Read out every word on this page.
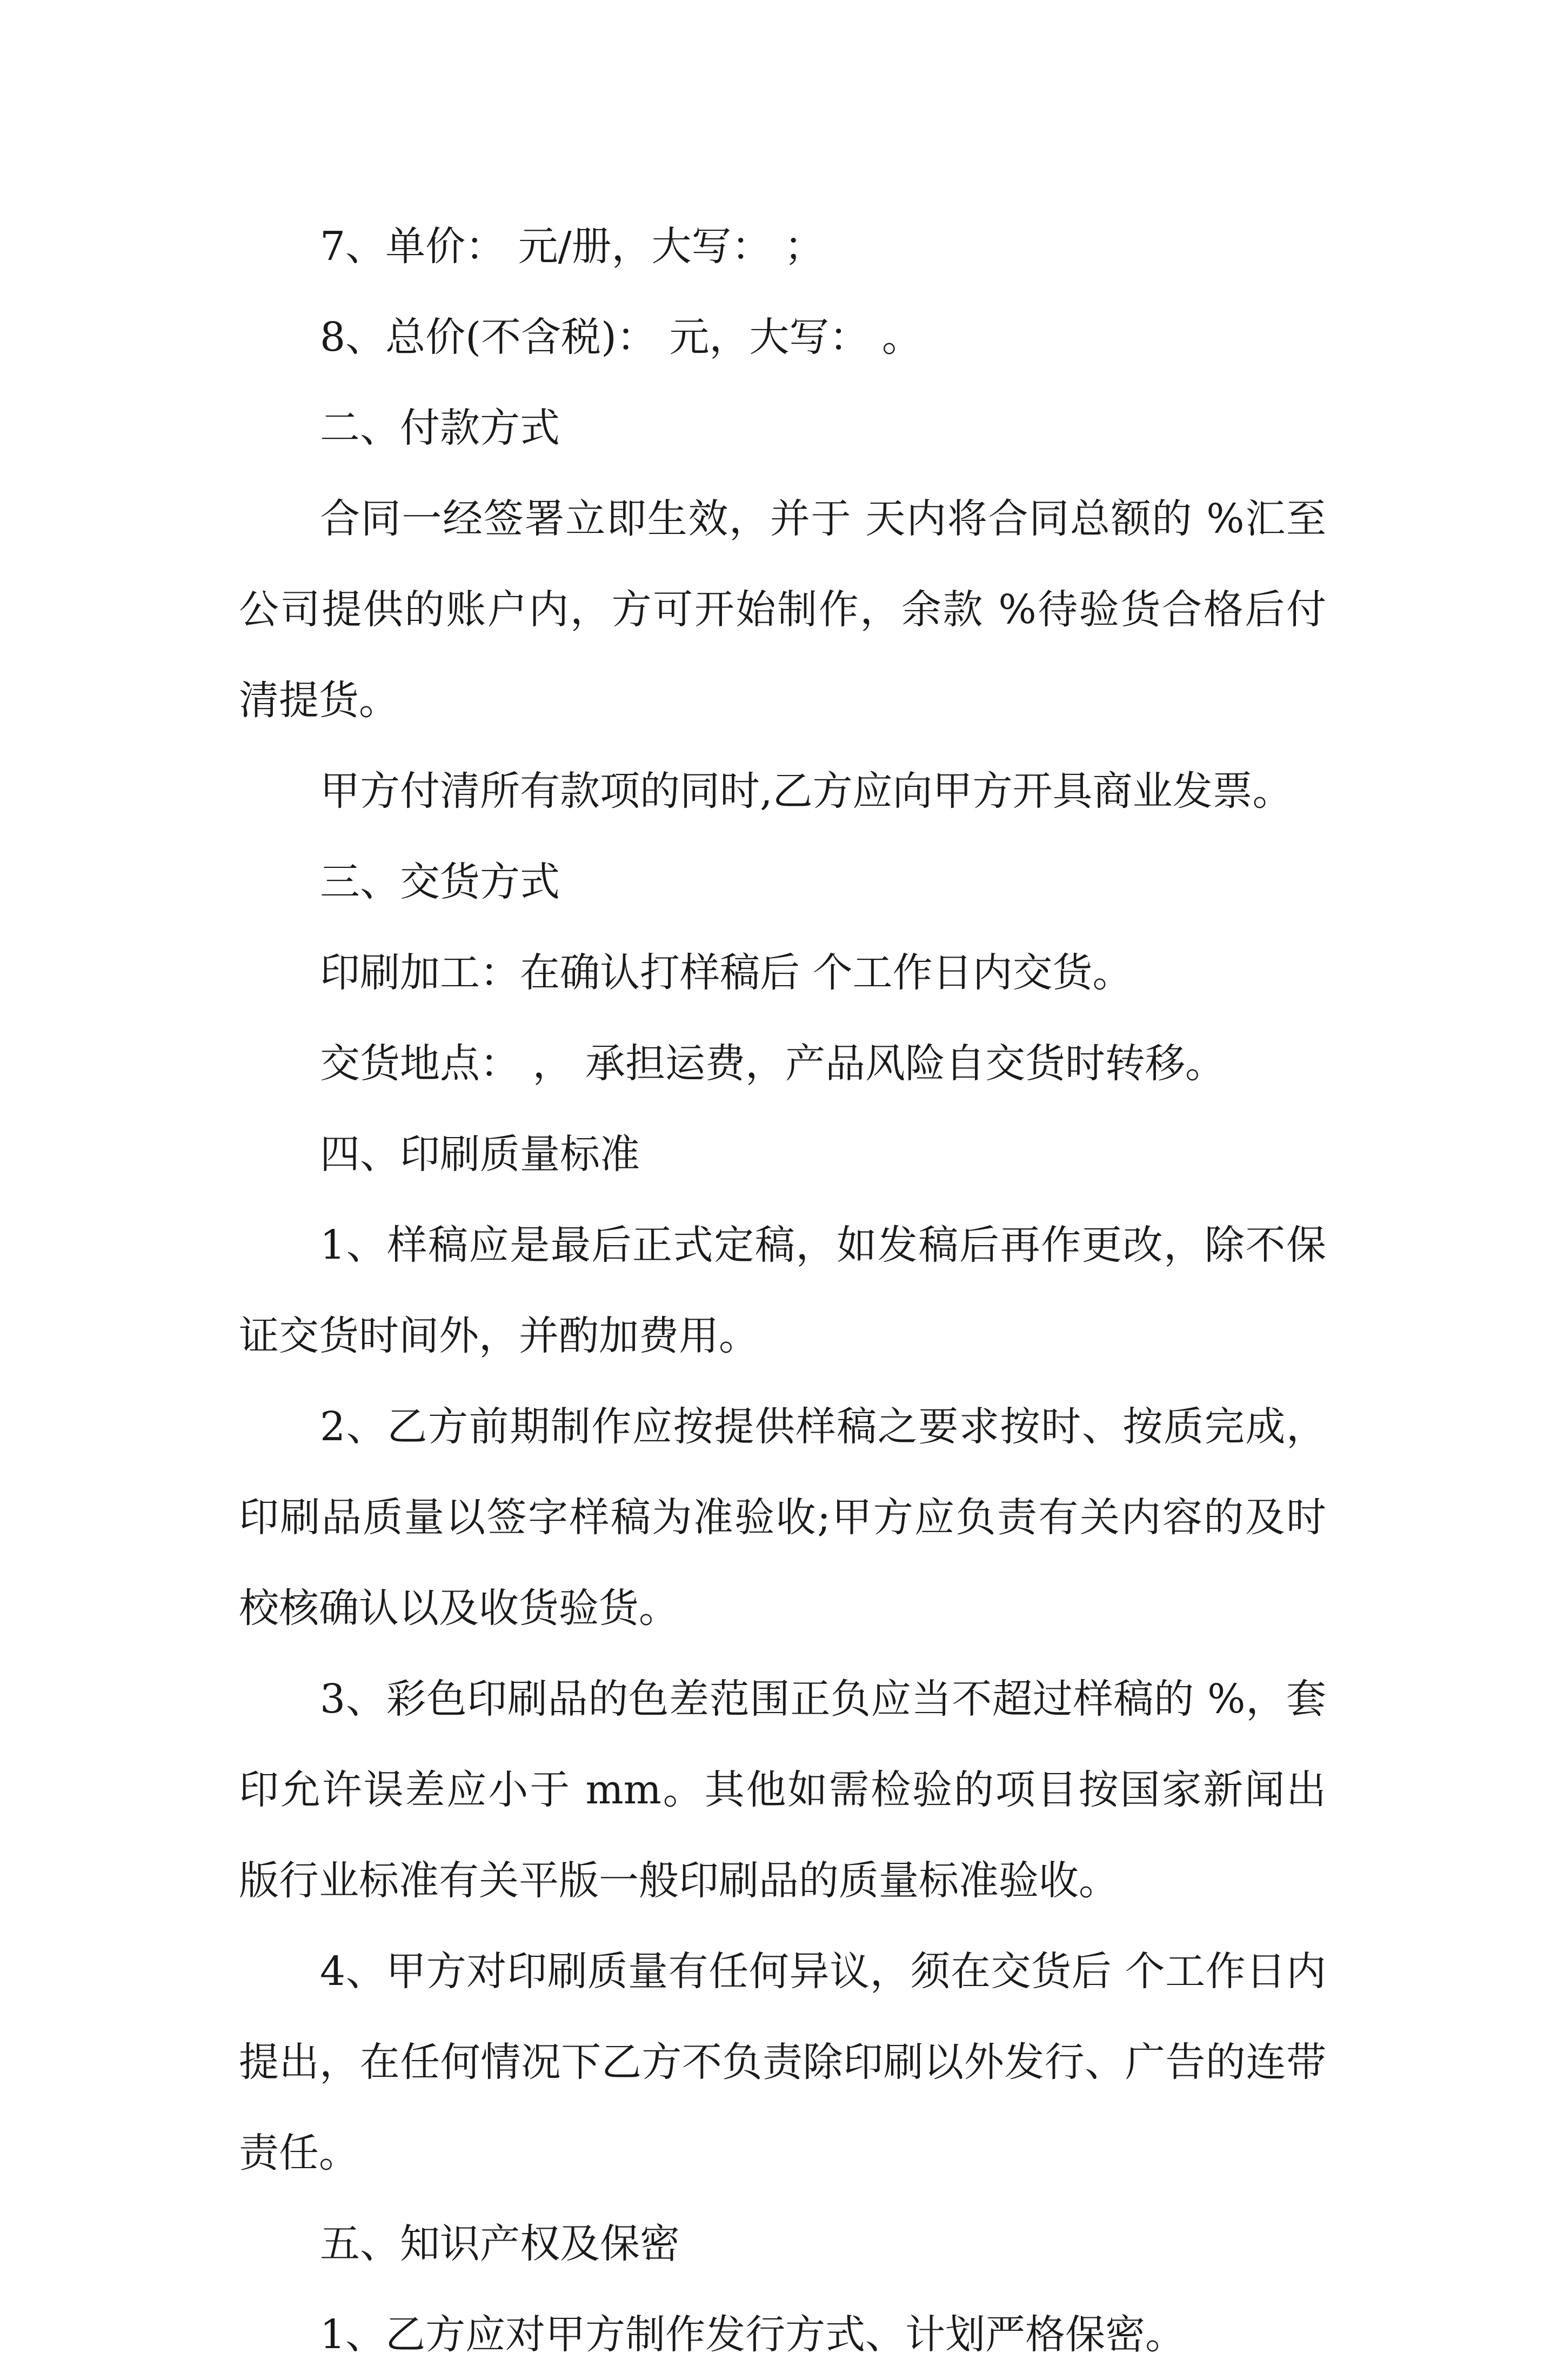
7、单价： 元/册，大写： ；

8、总价(不含税)： 元，大写： 。

二、付款方式

合同一经签署立即生效，并于 天内将合同总额的 %汇至公司提供的账户内，方可开始制作，余款 %待验货合格后付清提货。

甲方付清所有款项的同时,乙方应向甲方开具商业发票。

三、交货方式

印刷加工：在确认打样稿后 个工作日内交货。

交货地点： ， 承担运费，产品风险自交货时转移。

四、印刷质量标准

1、样稿应是最后正式定稿，如发稿后再作更改，除不保证交货时间外，并酌加费用。

2、乙方前期制作应按提供样稿之要求按时、按质完成，印刷品质量以签字样稿为准验收;甲方应负责有关内容的及时校核确认以及收货验货。

3、彩色印刷品的色差范围正负应当不超过样稿的 %，套印允许误差应小于 mm。其他如需检验的项目按国家新闻出版行业标准有关平版一般印刷品的质量标准验收。

4、甲方对印刷质量有任何异议，须在交货后 个工作日内提出，在任何情况下乙方不负责除印刷以外发行、广告的连带责任。

五、知识产权及保密

1、乙方应对甲方制作发行方式、计划严格保密。
